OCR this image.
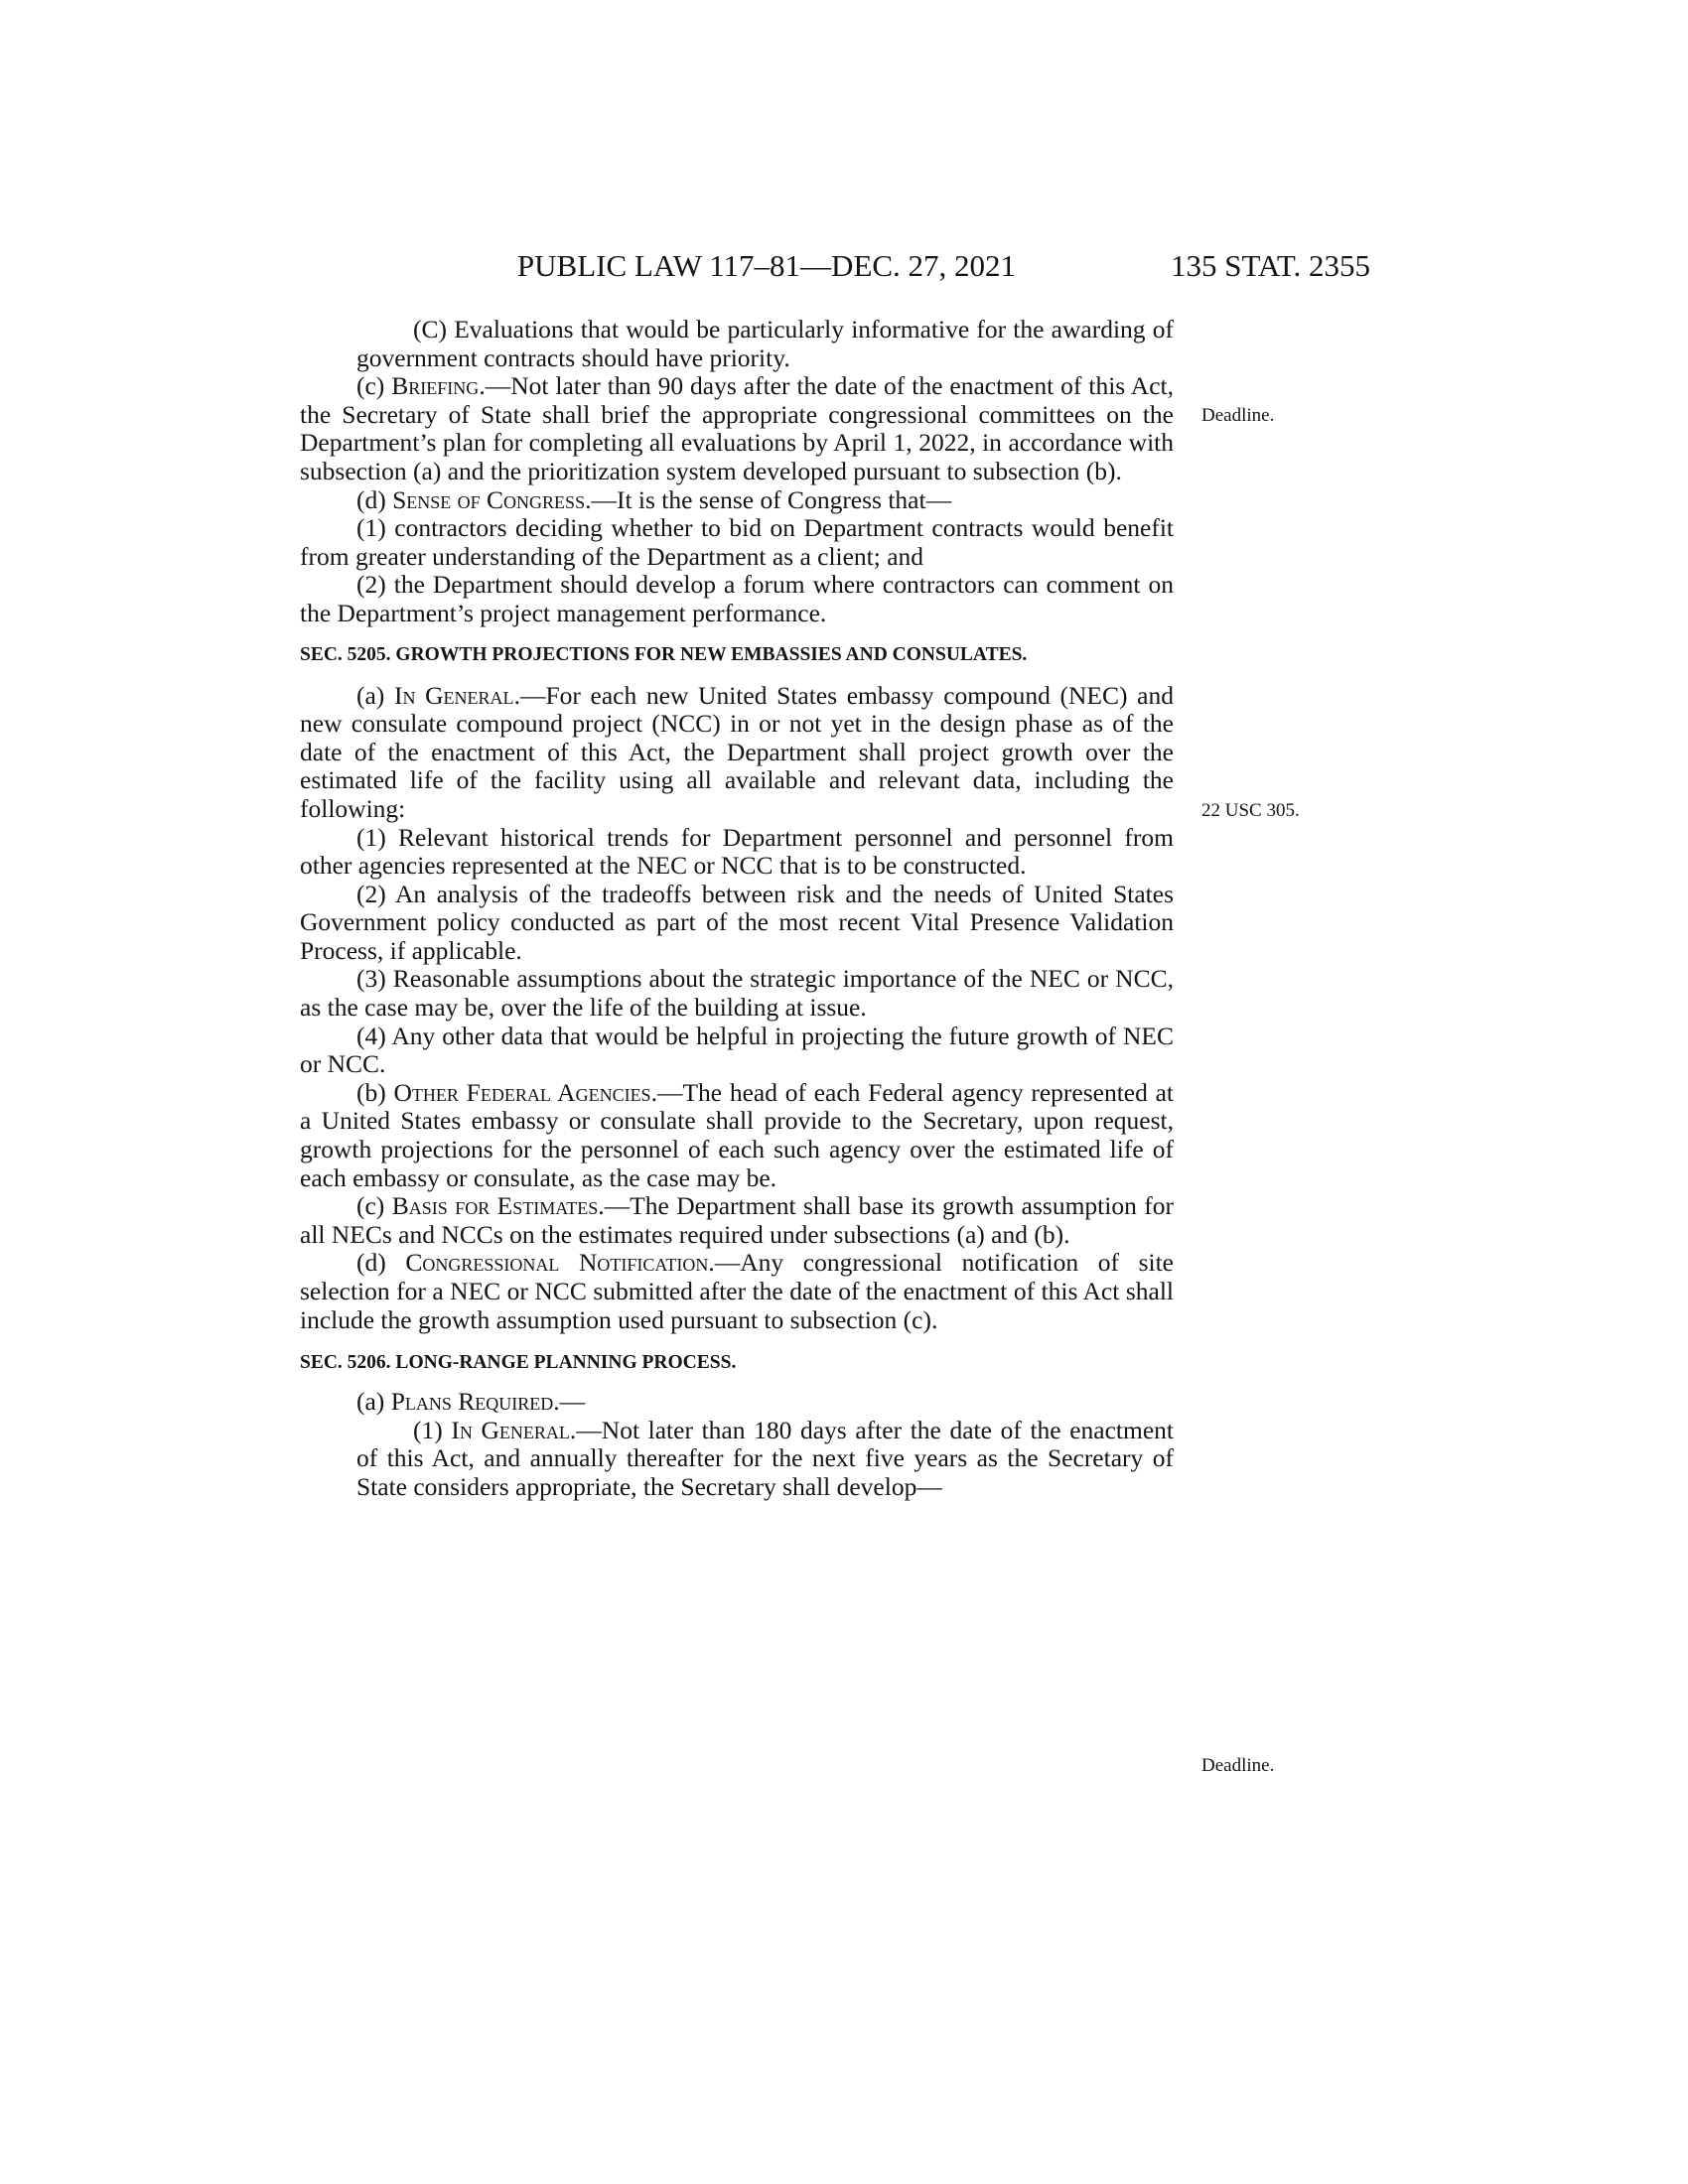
PUBLIC LAW 117–81—DEC. 27, 2021	135 STAT. 2355
Deadline.
22 USC 305.
Deadline.

(C) Evaluations that would be particularly informative for the awarding of government contracts should have priority.

(c) Briefing.—Not later than 90 days after the date of the enactment of this Act, the Secretary of State shall brief the appropriate congressional committees on the Department’s plan for completing all evaluations by April 1, 2022, in accordance with subsection (a) and the prioritization system developed pursuant to subsection (b).

(d) Sense of Congress.—It is the sense of Congress that—

(1) contractors deciding whether to bid on Department contracts would benefit from greater understanding of the Department as a client; and

(2) the Department should develop a forum where contractors can comment on the Department’s project management performance.

SEC. 5205. GROWTH PROJECTIONS FOR NEW EMBASSIES AND CONSULATES.

(a) In General.—For each new United States embassy compound (NEC) and new consulate compound project (NCC) in or not yet in the design phase as of the date of the enactment of this Act, the Department shall project growth over the estimated life of the facility using all available and relevant data, including the following:

(1) Relevant historical trends for Department personnel and personnel from other agencies represented at the NEC or NCC that is to be constructed.

(2) An analysis of the tradeoffs between risk and the needs of United States Government policy conducted as part of the most recent Vital Presence Validation Process, if applicable.

(3) Reasonable assumptions about the strategic importance of the NEC or NCC, as the case may be, over the life of the building at issue.

(4) Any other data that would be helpful in projecting the future growth of NEC or NCC.

(b) Other Federal Agencies.—The head of each Federal agency represented at a United States embassy or consulate shall provide to the Secretary, upon request, growth projections for the personnel of each such agency over the estimated life of each embassy or consulate, as the case may be.

(c) Basis for Estimates.—The Department shall base its growth assumption for all NECs and NCCs on the estimates required under subsections (a) and (b).

(d) Congressional Notification.—Any congressional notification of site selection for a NEC or NCC submitted after the date of the enactment of this Act shall include the growth assumption used pursuant to subsection (c).

SEC. 5206. LONG-RANGE PLANNING PROCESS.

(a) Plans Required.—

(1) In General.—Not later than 180 days after the date of the enactment of this Act, and annually thereafter for the next five years as the Secretary of State considers appropriate, the Secretary shall develop—
